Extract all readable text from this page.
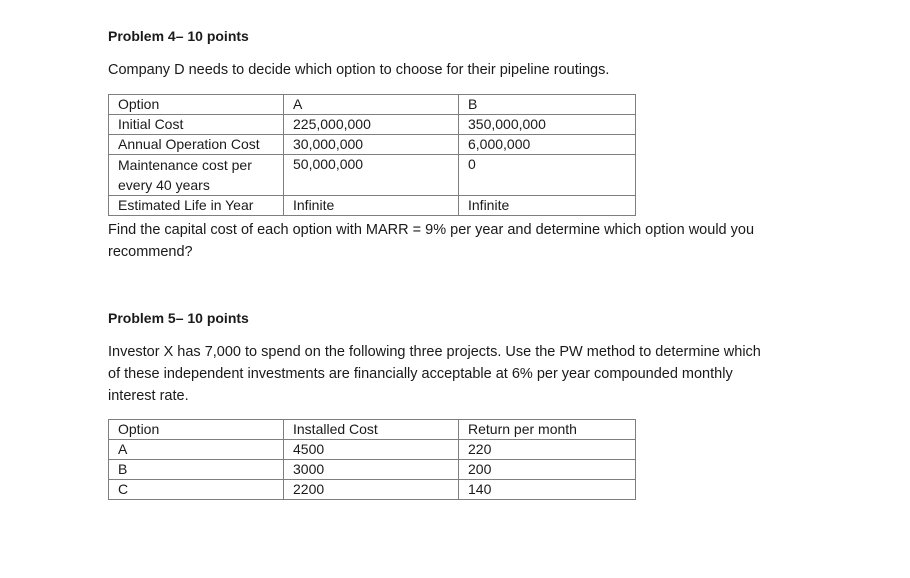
Problem 4– 10 points
Company D needs to decide which option to choose for their pipeline routings.
Option	A	B
Initial Cost	225,000,000	350,000,000
Annual Operation Cost	30,000,000	6,000,000
Maintenance cost per every 40 years	50,000,000	0
Estimated Life in Year	Infinite	Infinite
Find the capital cost of each option with MARR = 9% per year and determine which option would you
recommend?
Problem 5– 10 points
Investor X has 7,000 to spend on the following three projects. Use the PW method to determine which
of these independent investments are financially acceptable at 6% per year compounded monthly
interest rate.
Option	Installed Cost	Return per month
A	4500	220
B	3000	200
C	2200	140
